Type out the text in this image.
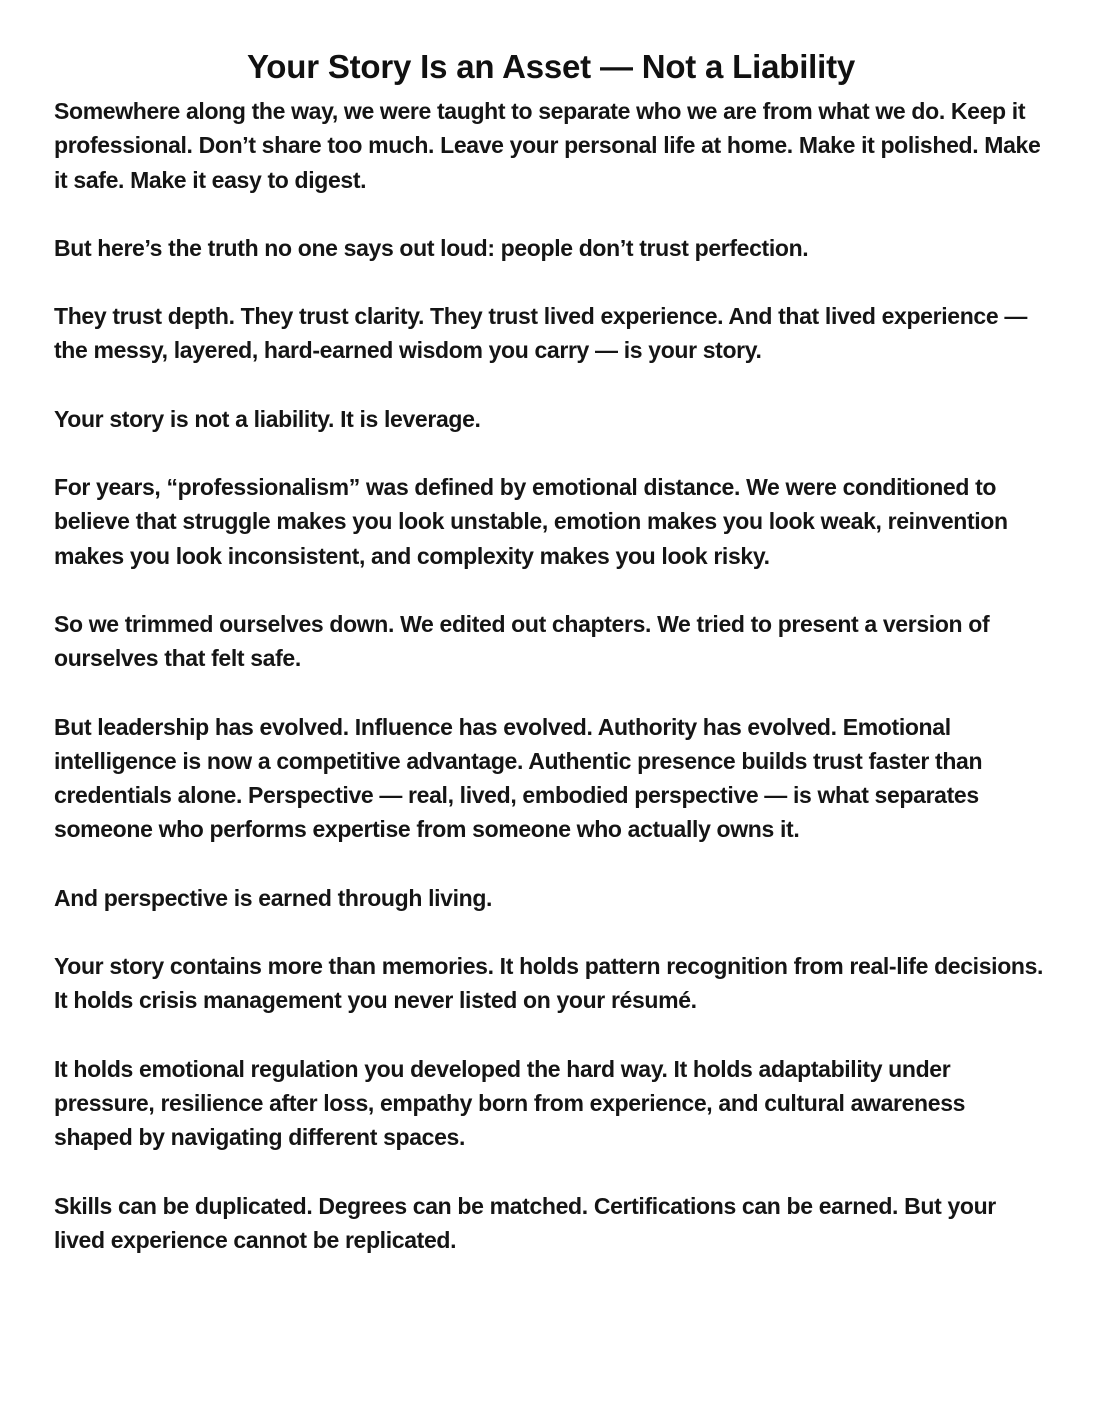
Your Story Is an Asset — Not a Liability

Somewhere along the way, we were taught to separate who we are from what we do. Keep it professional. Don’t share too much. Leave your personal life at home. Make it polished. Make it safe. Make it easy to digest.

But here’s the truth no one says out loud: people don’t trust perfection.

They trust depth. They trust clarity. They trust lived experience. And that lived experience — the messy, layered, hard-earned wisdom you carry — is your story.

Your story is not a liability. It is leverage.

For years, “professionalism” was defined by emotional distance. We were conditioned to believe that struggle makes you look unstable, emotion makes you look weak, reinvention makes you look inconsistent, and complexity makes you look risky.

So we trimmed ourselves down. We edited out chapters. We tried to present a version of ourselves that felt safe.

But leadership has evolved. Influence has evolved. Authority has evolved. Emotional intelligence is now a competitive advantage. Authentic presence builds trust faster than credentials alone. Perspective — real, lived, embodied perspective — is what separates someone who performs expertise from someone who actually owns it.

And perspective is earned through living.

Your story contains more than memories. It holds pattern recognition from real-life decisions. It holds crisis management you never listed on your résumé.

It holds emotional regulation you developed the hard way. It holds adaptability under pressure, resilience after loss, empathy born from experience, and cultural awareness shaped by navigating different spaces.

Skills can be duplicated. Degrees can be matched. Certifications can be earned. But your lived experience cannot be replicated.
